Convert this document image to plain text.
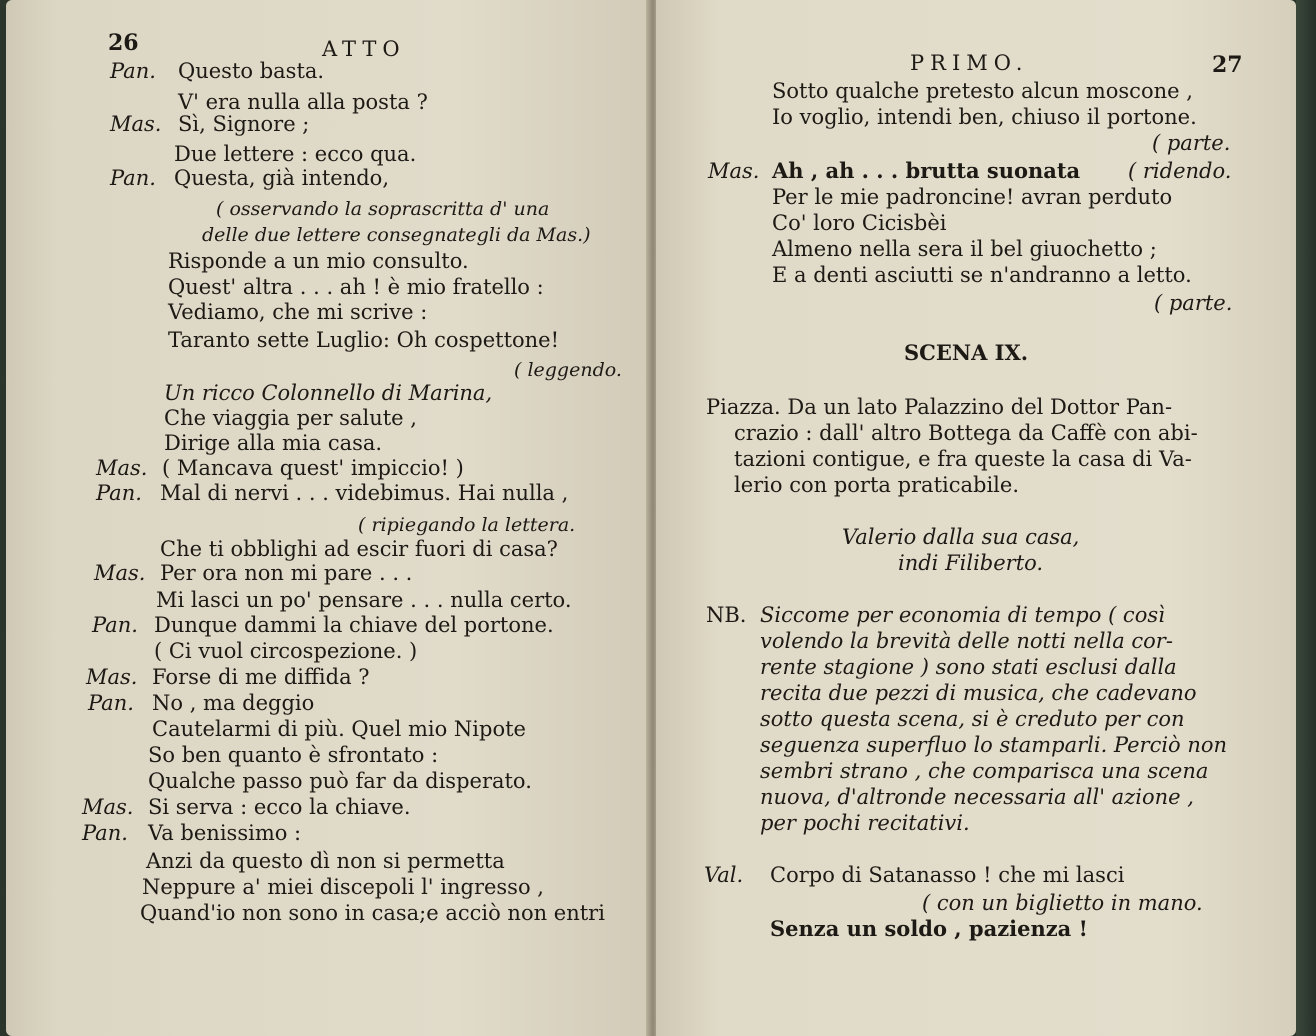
26	ATTO
Pan. Questo basta.
V' era nulla alla posta ?
Mas. Sì, Signore ;
Due lettere : ecco qua.
Pan. Questa, già intendo,
( osservando la soprascritta d' una
delle due lettere consegnategli da Mas.)
Risponde a un mio consulto.
Quest' altra . . . ah ! è mio fratello :
Vediamo, che mi scrive :
Taranto sette Luglio: Oh cospettone!
( leggendo.
Un ricco Colonnello di Marina,
Che viaggia per salute ,
Dirige alla mia casa.
Mas. ( Mancava quest' impiccio! )
Pan. Mal di nervi . . . videbimus. Hai nulla ,
( ripiegando la lettera.
Che ti obblighi ad escir fuori di casa?
Mas. Per ora non mi pare . . .
Mi lasci un po' pensare . . . nulla certo.
Pan. Dunque dammi la chiave del portone.
( Ci vuol circospezione. )
Mas. Forse di me diffida ?
Pan. No , ma deggio
Cautelarmi di più. Quel mio Nipote
So ben quanto è sfrontato :
Qualche passo può far da disperato.
Mas. Si serva : ecco la chiave.
Pan. Va benissimo :
Anzi da questo dì non si permetta
Neppure a' miei discepoli l' ingresso ,
Quand'io non sono in casa;e acciò non entri
PRIMO.	27
Sotto qualche pretesto alcun moscone ,
Io voglio, intendi ben, chiuso il portone.
( parte.
Mas. Ah , ah . . . brutta suonata ( ridendo.
Per le mie padroncine! avran perduto
Co' loro Cicisbèi
Almeno nella sera il bel giuochetto ;
E a denti asciutti se n'andranno a letto.
( parte.
SCENA IX.
Piazza. Da un lato Palazzino del Dottor Pan-
crazio : dall' altro Bottega da Caffè con abi-
tazioni contigue, e fra queste la casa di Va-
lerio con porta praticabile.
Valerio dalla sua casa,
indi Filiberto.
NB. Siccome per economia di tempo ( così
volendo la brevità delle notti nella cor-
rente stagione ) sono stati esclusi dalla
recita due pezzi di musica, che cadevano
sotto questa scena, si è creduto per con
seguenza superfluo lo stamparli. Perciò non
sembri strano , che comparisca una scena
nuova, d'altronde necessaria all' azione ,
per pochi recitativi.
Val. Corpo di Satanasso ! che mi lasci
( con un biglietto in mano.
Senza un soldo , pazienza !
